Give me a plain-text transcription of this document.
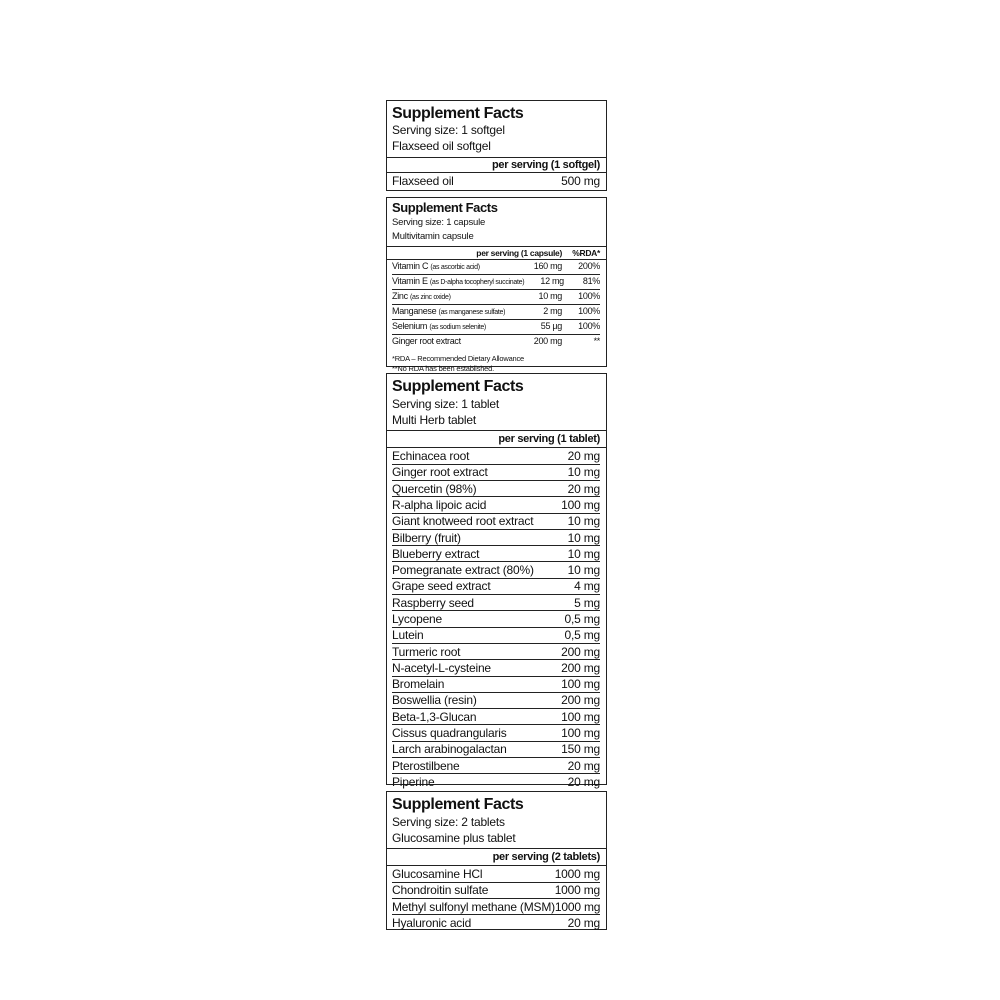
Supplement Facts
Serving size: 1 softgel
Flaxseed oil softgel
per serving (1 softgel)
Flaxseed oil	500 mg
Supplement Facts
Serving size: 1 capsule
Multivitamin capsule
per serving (1 capsule)	%RDA*
Vitamin C (as ascorbic acid)	160 mg	200%
Vitamin E (as D-alpha tocopheryl succinate)	12 mg	81%
Zinc (as zinc oxide)	10 mg	100%
Manganese (as manganese sulfate)	2 mg	100%
Selenium (as sodium selenite)	55 µg	100%
Ginger root extract	200 mg	**
*RDA – Recommended Dietary Allowance
**No RDA has been established.
Supplement Facts
Serving size: 1 tablet
Multi Herb tablet
per serving (1 tablet)
Echinacea root	20 mg
Ginger root extract	10 mg
Quercetin (98%)	20 mg
R-alpha lipoic acid	100 mg
Giant knotweed root extract	10 mg
Bilberry (fruit)	10 mg
Blueberry extract	10 mg
Pomegranate extract (80%)	10 mg
Grape seed extract	4 mg
Raspberry seed	5 mg
Lycopene	0,5 mg
Lutein	0,5 mg
Turmeric root	200 mg
N-acetyl-L-cysteine	200 mg
Bromelain	100 mg
Boswellia (resin)	200 mg
Beta-1,3-Glucan	100 mg
Cissus quadrangularis	100 mg
Larch arabinogalactan	150 mg
Pterostilbene	20 mg
Piperine	20 mg
Supplement Facts
Serving size: 2 tablets
Glucosamine plus tablet
per serving (2 tablets)
Glucosamine HCl	1000 mg
Chondroitin sulfate	1000 mg
Methyl sulfonyl methane (MSM) 1000 mg
Hyaluronic acid	20 mg
